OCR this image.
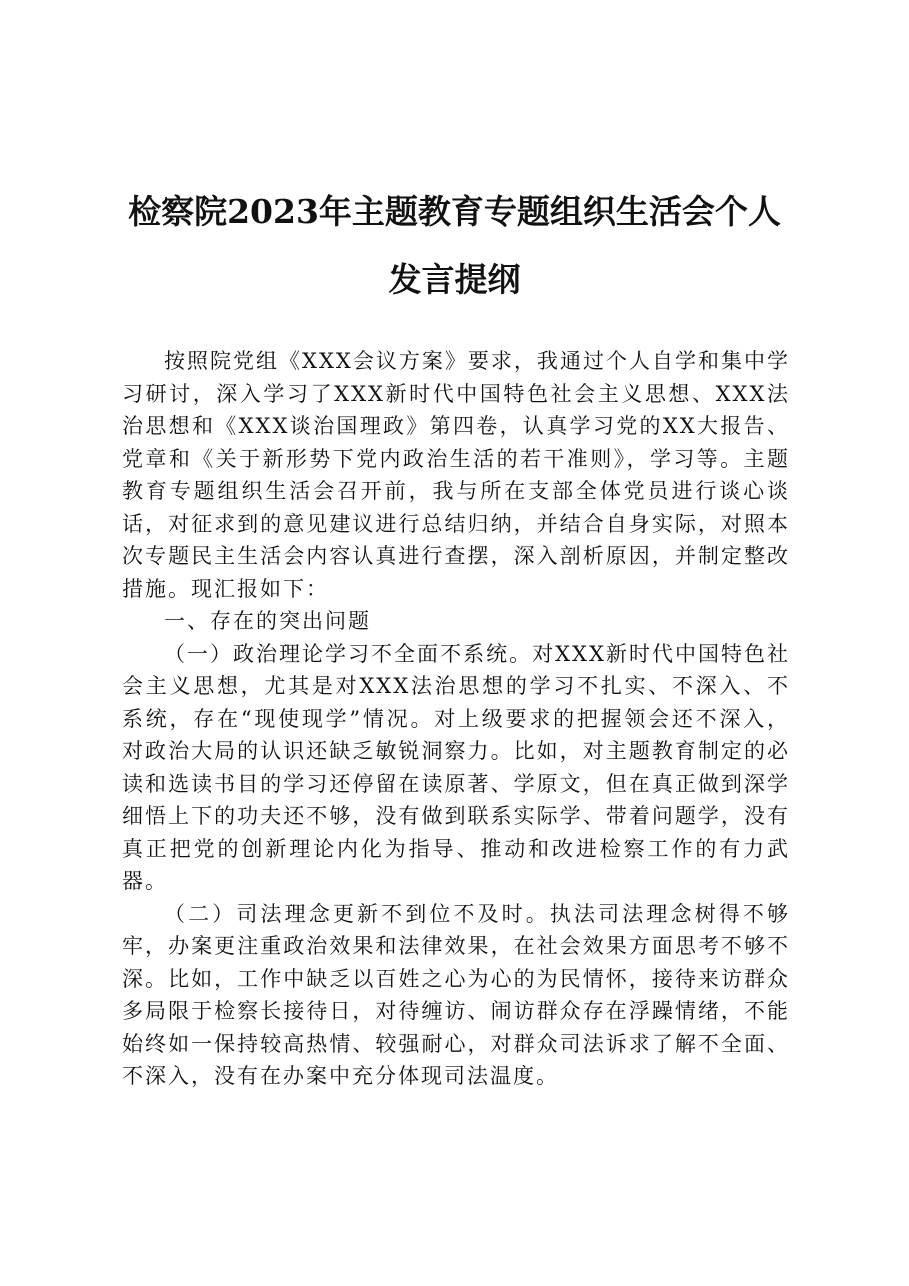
检察院2023年主题教育专题组织生活会个人
发言提纲

按照院党组《XXX会议方案》要求，我通过个人自学和集中学习研讨，深入学习了XXX新时代中国特色社会主义思想、XXX法治思想和《XXX谈治国理政》第四卷，认真学习党的XX大报告、党章和《关于新形势下党内政治生活的若干准则》，学习等。主题教育专题组织生活会召开前，我与所在支部全体党员进行谈心谈话，对征求到的意见建议进行总结归纳，并结合自身实际，对照本次专题民主生活会内容认真进行查摆，深入剖析原因，并制定整改措施。现汇报如下：

一、存在的突出问题

（一）政治理论学习不全面不系统。对XXX新时代中国特色社会主义思想，尤其是对XXX法治思想的学习不扎实、不深入、不系统，存在“现使现学”情况。对上级要求的把握领会还不深入，对政治大局的认识还缺乏敏锐洞察力。比如，对主题教育制定的必读和选读书目的学习还停留在读原著、学原文，但在真正做到深学细悟上下的功夫还不够，没有做到联系实际学、带着问题学，没有真正把党的创新理论内化为指导、推动和改进检察工作的有力武器。

（二）司法理念更新不到位不及时。执法司法理念树得不够牢，办案更注重政治效果和法律效果，在社会效果方面思考不够不深。比如，工作中缺乏以百姓之心为心的为民情怀，接待来访群众多局限于检察长接待日，对待缠访、闹访群众存在浮躁情绪，不能始终如一保持较高热情、较强耐心，对群众司法诉求了解不全面、不深入，没有在办案中充分体现司法温度。
